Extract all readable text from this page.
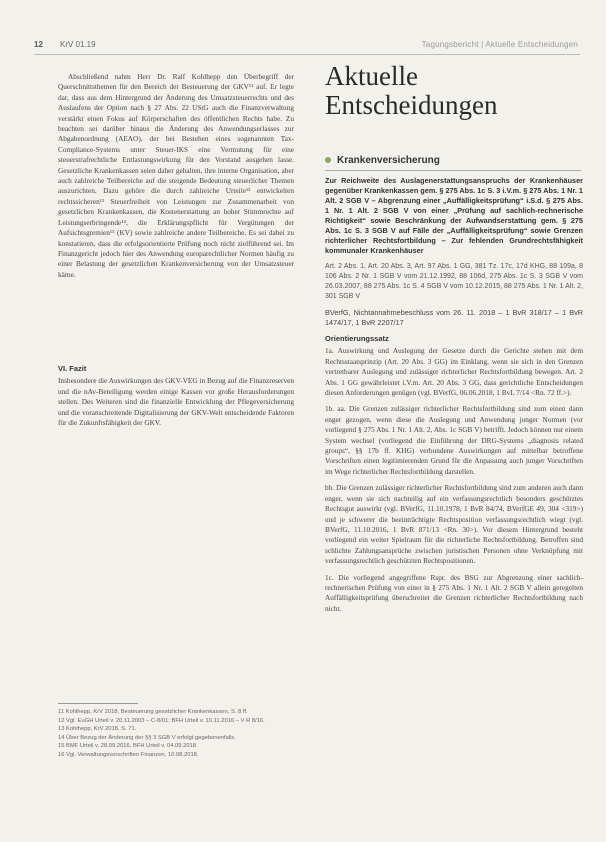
12 KrV 01.19	Tagungsbericht | Aktuelle Entscheidungen

Abschließend nahm Herr Dr. Ralf Kohlhepp den Überbegriff der Querschnittsthemen für den Bereich der Besteuerung der GKV¹¹ auf. Er legte dar, dass aus dem Hintergrund der Änderung des Umsatzsteuerrechts und des Auslaufens der Option nach § 27 Abs. 22 UStG auch die Finanzverwaltung verstärkt einen Fokus auf Körperschaften des öffentlichen Rechts habe. Zu beachten sei darüber hinaus die Änderung des Anwendungserlasses zur Abgabenordnung (AEAO), der bei Bestehen eines sogenannten Tax-Compliance-Systems unter Steuer-IKS eine Vermutung für eine steuerstrafrechtliche Entlastungswirkung für den Vorstand ausgehen lasse. Gesetzliche Krankenkassen seien daher gehalten, ihre interne Organisation, aber auch zahlreiche Teilbereiche auf die steigende Bedeutung steuerlicher Themen auszurichten. Dazu gehöre die durch zahlreiche Urteile¹² entwickelten rechtssicheren¹³ Steuerfreiheit von Leistungen zur Zusammenarbeit von gesetzlichen Krankenkassen, die Kostenerstattung an hoher Stimmrechte auf Leistungserbringende¹⁴, die Erklärungspflicht für Vergütungen der Aufsichtsgremien¹⁵ (KV) sowie zahlreiche andere Teilbereiche. Es sei dabei zu konstatieren, dass die erfolgsorientierte Prüfung noch nicht zielführend sei. Im Finanzgericht jedoch hier des Anwendung europarechtlicher Normen häufig zu einer Belastung der gesetzlichen Krankenversicherung von der Umsatzsteuer käme.

VI. Fazit

Insbesondere die Auswirkungen des GKV-VEG in Bezug auf die Finanzreserven und die nAv-Beteiligung werden einige Kassen vor große Herausforderungen stellen. Des Weiteren sind die finanzielle Entwicklung der Pflegeversicherung und die voranschreitende Digitalisierung der GKV-Welt entscheidende Faktoren für die Zukunftsfähigkeit der GKV.

11 Kohlhepp, KrV 2018, Besteuerung gesetzlicher Krankenkassen, S. 8 ff.
12 Vgl. EuGH Urteil v. 20.11.2003 – C-8/01; BFH Urteil v. 10.11.2016 – V R 8/16.
13 Kohlhepp, KrV 2018, S. 71.
14 Über Bezug der Änderung der §§ 3 SGB V erfolgt gegebenenfalls.
15 BMF Urteil v. 28.09.2016, BFH Urteil v. 04.09.2018.
16 Vgl. Verwaltungsvorschriften Finanzen, 10.08.2018.
Aktuelle
Entscheidungen
Krankenversicherung

Zur Reichweite des Auslagenerstattungsanspruchs der Krankenhäuser gegenüber Krankenkassen gem. § 275 Abs. 1c S. 3 i.V.m. § 275 Abs. 1 Nr. 1 Alt. 2 SGB V – Abgrenzung einer „Auffälligkeitsprüfung“ i.S.d. § 275 Abs. 1 Nr. 1 Alt. 2 SGB V von einer „Prüfung auf sachlich-rechnerische Richtigkeit“ sowie Beschränkung der Aufwandserstattung gem. § 275 Abs. 1c S. 3 SGB V auf Fälle der „Auffälligkeitsprüfung“ sowie Grenzen richterlicher Rechtsfortbildung – Zur fehlenden Grundrechtsfähigkeit kommunaler Krankenhäuser

Art. 2 Abs. 1, Art. 20 Abs. 3, Art. 97 Abs. 1 GG, 381 Tz. 17c, 17d KHG, 88 109a, 8 106 Abs. 2 Nr. 1 SGB V vom 21.12.1992, 88 106d, 275 Abs. 1c S. 3 SGB V vom 26.03.2007, 88 275 Abs. 1c S. 4 SGB V vom 10.12.2015, 88 275 Abs. 1 Nr. 1 Alt. 2, 301 SGB V

BVerfG, Nichtannahmebeschluss vom 26. 11. 2018 – 1 BvR 318/17 – 1 BvR 1474/17, 1 BvR 2207/17

Orientierungssatz

1a. Auswirkung und Auslegung der Gesetze durch die Gerichte stehen mit dem Rechtsstaatsprinzip (Art. 20 Abs. 3 GG) im Einklang, wenn sie sich in den Grenzen vertretbarer Auslegung und zulässiger richterlicher Rechtsfortbildung bewegen. Art. 2 Abs. 1 GG gewährleistet i.V.m. Art. 20 Abs. 3 GG, dass gerichtliche Entscheidungen diesen Anforderungen genügen (vgl. BVerfG, 06.06.2018, 1 BvL 7/14 <Rn. 72 ff.>).

1b. aa. Die Grenzen zulässiger richterlicher Rechtsfortbildung sind zum einen dann enger gezogen, wenn diese die Auslegung und Anwendung junger Normen (vor vorliegend § 275 Abs. 1 Nr. 1 Alt. 2, Abs. 1c SGB V) betrifft. Jedoch können nur einem System wechsel (vorliegend die Einführung der DRG-Systems „diagnosis related groups“, §§ 17b ff. KHG) verbundene Auswirkungen auf mittelbar betroffene Vorschriften einen legitimierenden Grund für die Anpassung auch junger Vorschriften im Wege richterlicher Rechtsfortbildung darstellen.

bb. Die Grenzen zulässiger richterlicher Rechtsfortbildung sind zum anderen auch dann enger, wenn sie sich nachteilig auf ein verfassungsrechtlich besonders geschütztes Rechtsgut auswirkt (vgl. BVerfG, 11.10.1978, 1 BvR 84/74, BVerfGE 49, 304 <319>) und je schwerer die beeinträchtigte Rechtsposition verfassungsrechtlich wiegt (vgl. BVerfG, 11.10.2016, 1 BvR 871/13 <Rn. 30>). Vor diesem Hintergrund besteht vorliegend ein weiter Spielraum für die richterliche Rechtsfortbildung. Betroffen sind schlichte Zahlungsansprüche zwischen juristischen Personen ohne Verknüpfung mit verfassungsrechtlich geschützten Rechtspositionen.

1c. Die vorliegend angegriffene Rspr. des BSG zur Abgrenzung einer sachlich-rechnerischen Prüfung von einer in § 275 Abs. 1 Nr. 1 Alt. 2 SGB V allein geregelten Auffälligkeitsprüfung überschreitet die Grenzen richterlicher Rechtsfortbildung nach nicht.
